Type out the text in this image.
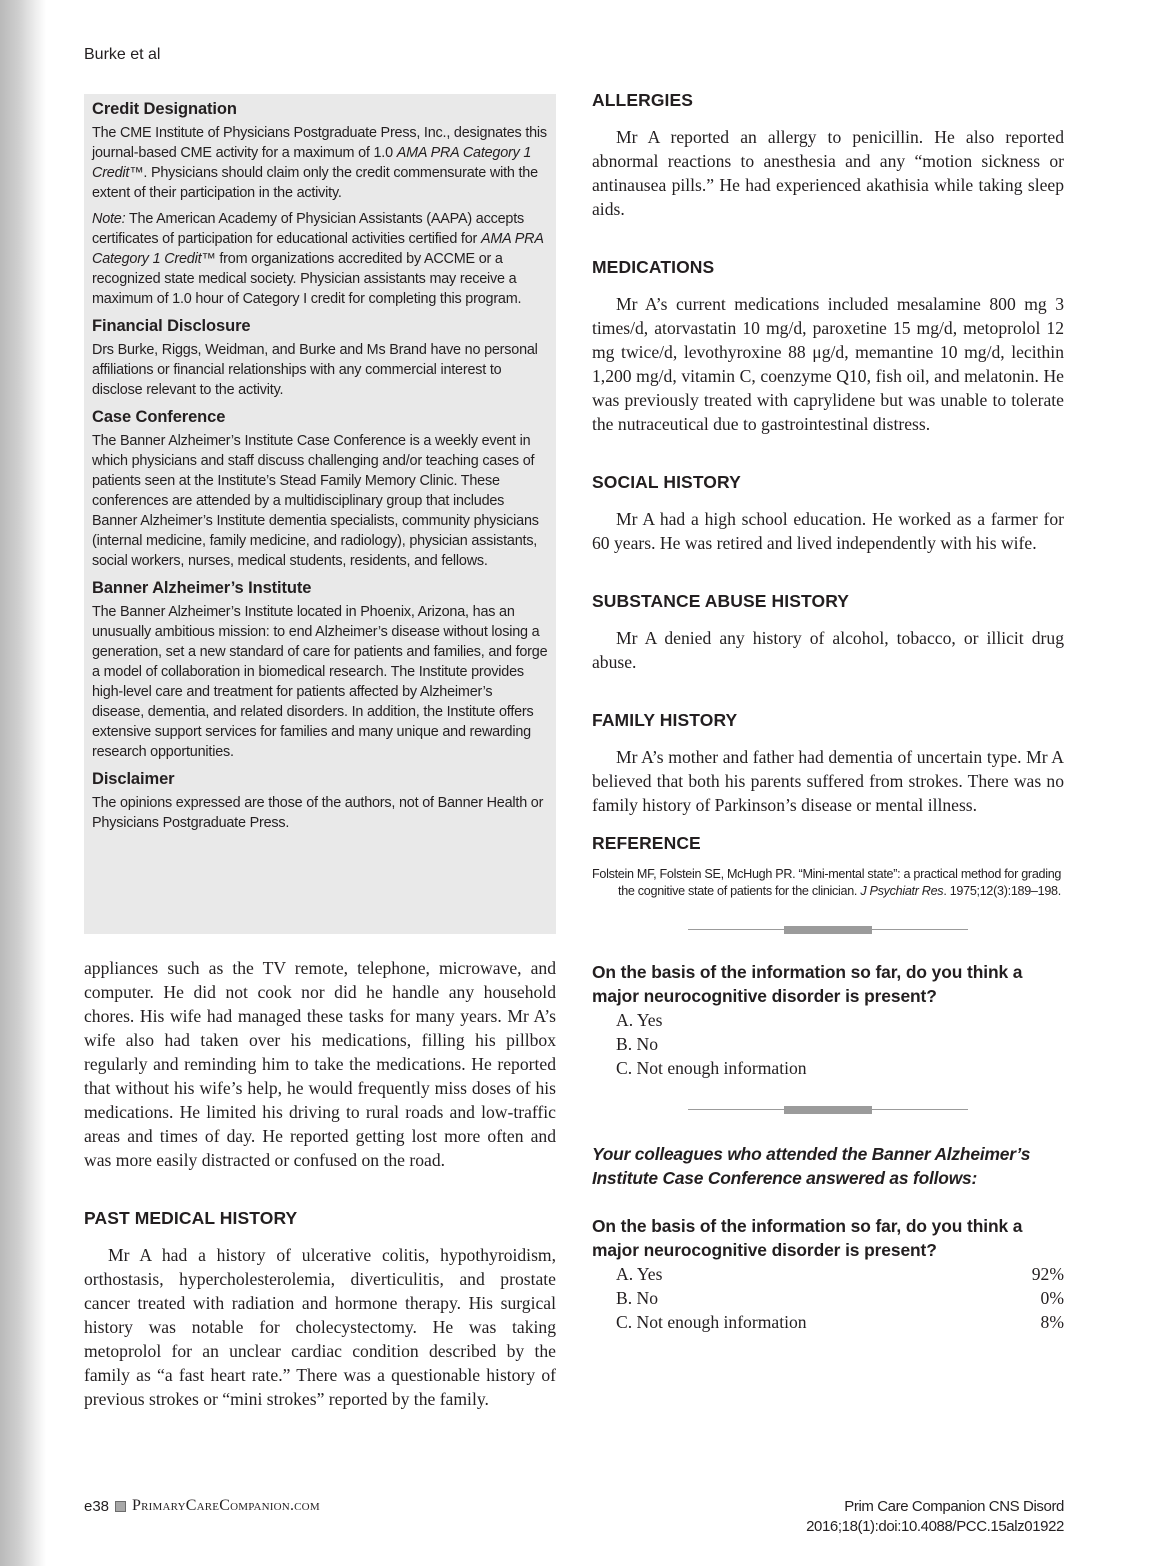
Burke et al
Credit Designation

The CME Institute of Physicians Postgraduate Press, Inc., designates this journal-based CME activity for a maximum of 1.0 AMA PRA Category 1 Credit™. Physicians should claim only the credit commensurate with the extent of their participation in the activity.

Note: The American Academy of Physician Assistants (AAPA) accepts certificates of participation for educational activities certified for AMA PRA Category 1 Credit™ from organizations accredited by ACCME or a recognized state medical society. Physician assistants may receive a maximum of 1.0 hour of Category I credit for completing this program.

Financial Disclosure

Drs Burke, Riggs, Weidman, and Burke and Ms Brand have no personal affiliations or financial relationships with any commercial interest to disclose relevant to the activity.

Case Conference

The Banner Alzheimer’s Institute Case Conference is a weekly event in which physicians and staff discuss challenging and/or teaching cases of patients seen at the Institute’s Stead Family Memory Clinic. These conferences are attended by a multidisciplinary group that includes Banner Alzheimer’s Institute dementia specialists, community physicians (internal medicine, family medicine, and radiology), physician assistants, social workers, nurses, medical students, residents, and fellows.

Banner Alzheimer’s Institute

The Banner Alzheimer’s Institute located in Phoenix, Arizona, has an unusually ambitious mission: to end Alzheimer’s disease without losing a generation, set a new standard of care for patients and families, and forge a model of collaboration in biomedical research. The Institute provides high-level care and treatment for patients affected by Alzheimer’s disease, dementia, and related disorders. In addition, the Institute offers extensive support services for families and many unique and rewarding research opportunities.

Disclaimer

The opinions expressed are those of the authors, not of Banner Health or Physicians Postgraduate Press.

appliances such as the TV remote, telephone, microwave, and computer. He did not cook nor did he handle any household chores. His wife had managed these tasks for many years. Mr A’s wife also had taken over his medications, filling his pillbox regularly and reminding him to take the medications. He reported that without his wife’s help, he would frequently miss doses of his medications. He limited his driving to rural roads and low-traffic areas and times of day. He reported getting lost more often and was more easily distracted or confused on the road.

PAST MEDICAL HISTORY

Mr A had a history of ulcerative colitis, hypothyroidism, orthostasis, hypercholesterolemia, diverticulitis, and prostate cancer treated with radiation and hormone therapy. His surgical history was notable for cholecystectomy. He was taking metoprolol for an unclear cardiac condition described by the family as “a fast heart rate.” There was a questionable history of previous strokes or “mini strokes” reported by the family.

ALLERGIES

Mr A reported an allergy to penicillin. He also reported abnormal reactions to anesthesia and any “motion sickness or antinausea pills.” He had experienced akathisia while taking sleep aids.

MEDICATIONS

Mr A’s current medications included mesalamine 800 mg 3 times/d, atorvastatin 10 mg/d, paroxetine 15 mg/d, metoprolol 12 mg twice/d, levothyroxine 88 μg/d, memantine 10 mg/d, lecithin 1,200 mg/d, vitamin C, coenzyme Q10, fish oil, and melatonin. He was previously treated with caprylidene but was unable to tolerate the nutraceutical due to gastrointestinal distress.

SOCIAL HISTORY

Mr A had a high school education. He worked as a farmer for 60 years. He was retired and lived independently with his wife.

SUBSTANCE ABUSE HISTORY

Mr A denied any history of alcohol, tobacco, or illicit drug abuse.

FAMILY HISTORY

Mr A’s mother and father had dementia of uncertain type. Mr A believed that both his parents suffered from strokes. There was no family history of Parkinson’s disease or mental illness.

REFERENCE

Folstein MF, Folstein SE, McHugh PR. “Mini-mental state”: a practical method for grading the cognitive state of patients for the clinician. J Psychiatr Res. 1975;12(3):189–198.

On the basis of the information so far, do you think a major neurocognitive disorder is present?

A. Yes
B. No
C. Not enough information

Your colleagues who attended the Banner Alzheimer’s Institute Case Conference answered as follows:

On the basis of the information so far, do you think a major neurocognitive disorder is present?

A. Yes	92%
B. No	0%
C. Not enough information	8%
e38 PrimaryCareCompanion.com	Prim Care Companion CNS Disord
2016;18(1):doi:10.4088/PCC.15alz01922
